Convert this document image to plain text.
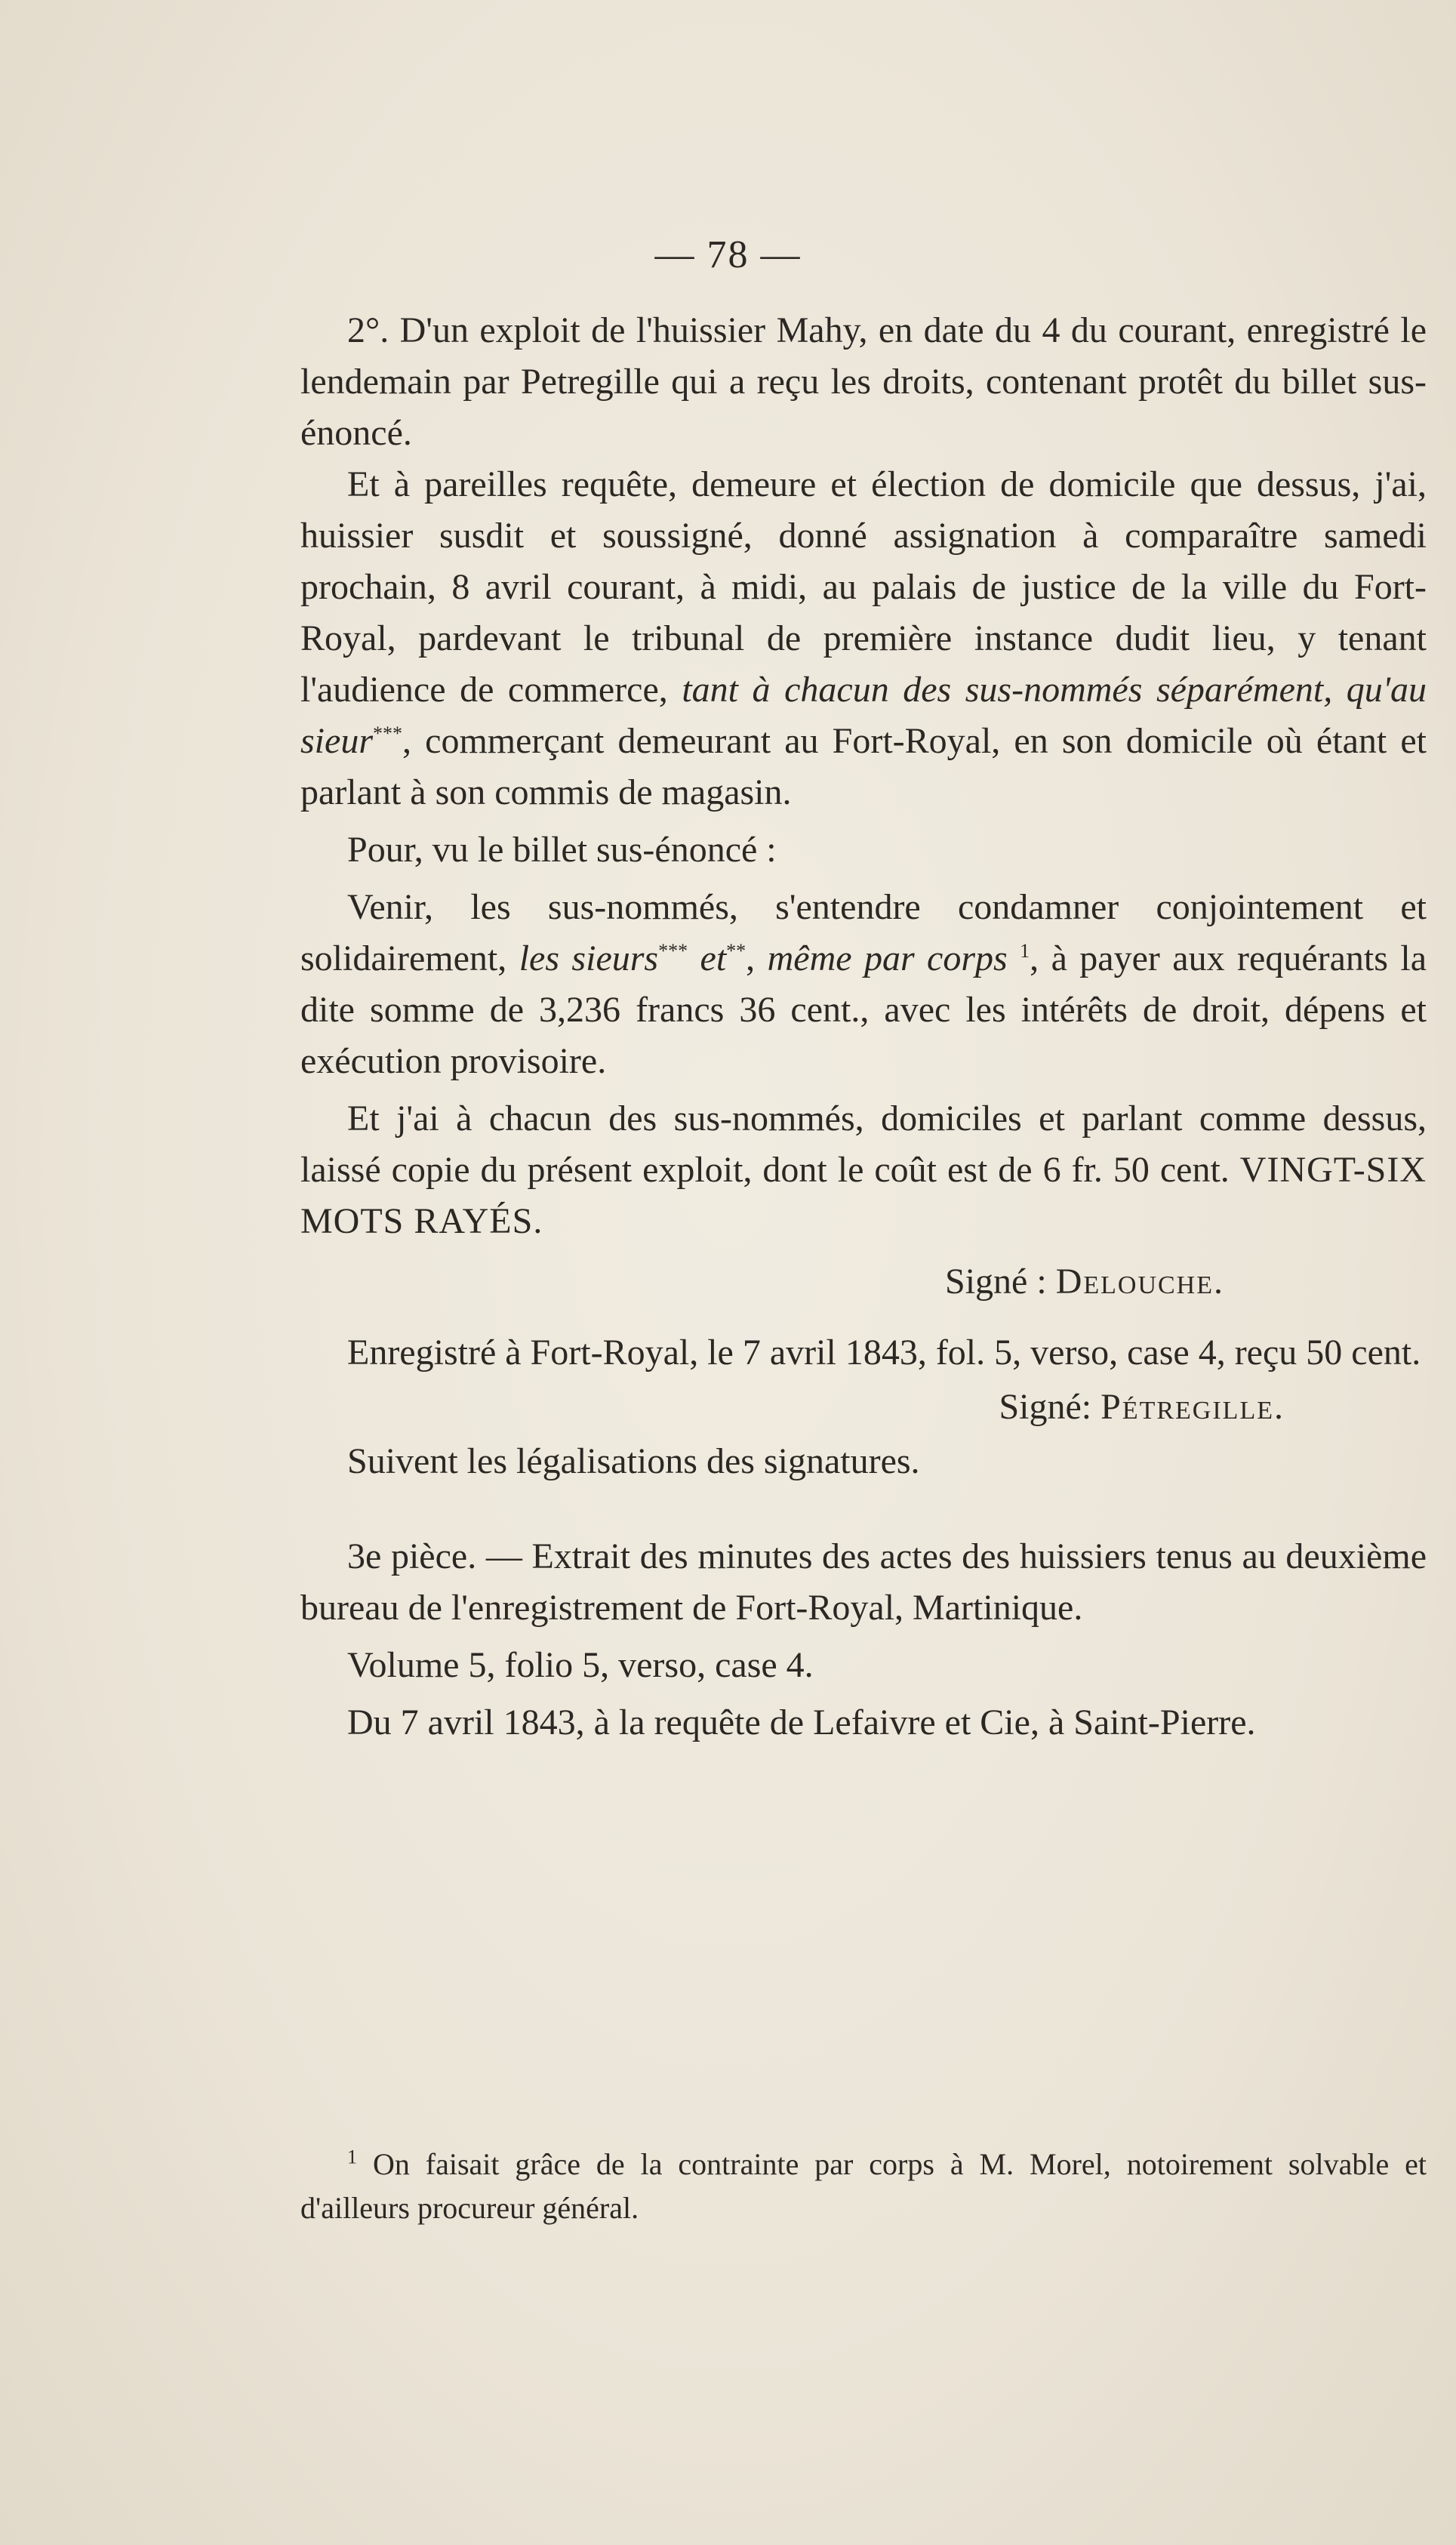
— 78 —

2°. D'un exploit de l'huissier Mahy, en date du 4 du courant, enregistré le lendemain par Petregille qui a reçu les droits, contenant protêt du billet sus-énoncé.

Et à pareilles requête, demeure et élection de domicile que dessus, j'ai, huissier susdit et soussigné, donné assignation à comparaître samedi prochain, 8 avril courant, à midi, au palais de justice de la ville du Fort-Royal, pardevant le tribunal de première instance dudit lieu, y tenant l'audience de commerce, tant à chacun des sus-nommés séparément, qu'au sieur***, commerçant demeurant au Fort-Royal, en son domicile où étant et parlant à son commis de magasin.

Pour, vu le billet sus-énoncé :

Venir, les sus-nommés, s'entendre condamner conjointement et solidairement, les sieurs*** et**, même par corps $^1$, à payer aux requérants la dite somme de 3,236 francs 36 cent., avec les intérêts de droit, dépens et exécution provisoire.

Et j'ai à chacun des sus-nommés, domiciles et parlant comme dessus, laissé copie du présent exploit, dont le coût est de 6 fr. 50 cent. VINGT-SIX MOTS RAYÉS.

Signé : Delouche.

Enregistré à Fort-Royal, le 7 avril 1843, fol. 5, verso, case 4, reçu 50 cent.

Signé: Pétregille.

Suivent les légalisations des signatures.

3e pièce. — Extrait des minutes des actes des huissiers tenus au deuxième bureau de l'enregistrement de Fort-Royal, Martinique.

Volume 5, folio 5, verso, case 4.

Du 7 avril 1843, à la requête de Lefaivre et Cie, à Saint-Pierre.

$^1$ On faisait grâce de la contrainte par corps à M. Morel, notoirement solvable et d'ailleurs procureur général.
